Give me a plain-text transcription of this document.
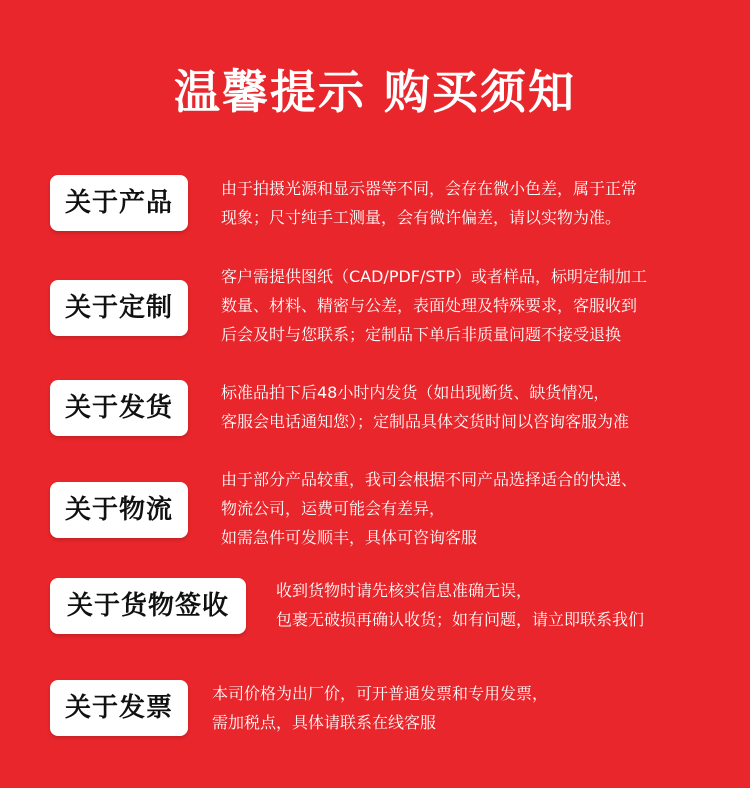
温馨提示 购买须知
关于产品	由于拍摄光源和显示器等不同，会存在微小色差，属于正常
现象；尺寸纯手工测量，会有微许偏差，请以实物为准。
关于定制
客户需提供图纸（CAD/PDF/STP）或者样品，标明定制加工
数量、材料、精密与公差，表面处理及特殊要求，客服收到
后会及时与您联系；定制品下单后非质量问题不接受退换
关于发货
标准品拍下后48小时内发货（如出现断货、缺货情况，
客服会电话通知您）；定制品具体交货时间以咨询客服为准
关于物流
由于部分产品较重，我司会根据不同产品选择适合的快递、
物流公司，运费可能会有差异，
如需急件可发顺丰，具体可咨询客服
关于货物签收
收到货物时请先核实信息准确无误，
包裹无破损再确认收货；如有问题，请立即联系我们
关于发票	本司价格为出厂价，可开普通发票和专用发票，
需加税点，具体请联系在线客服
